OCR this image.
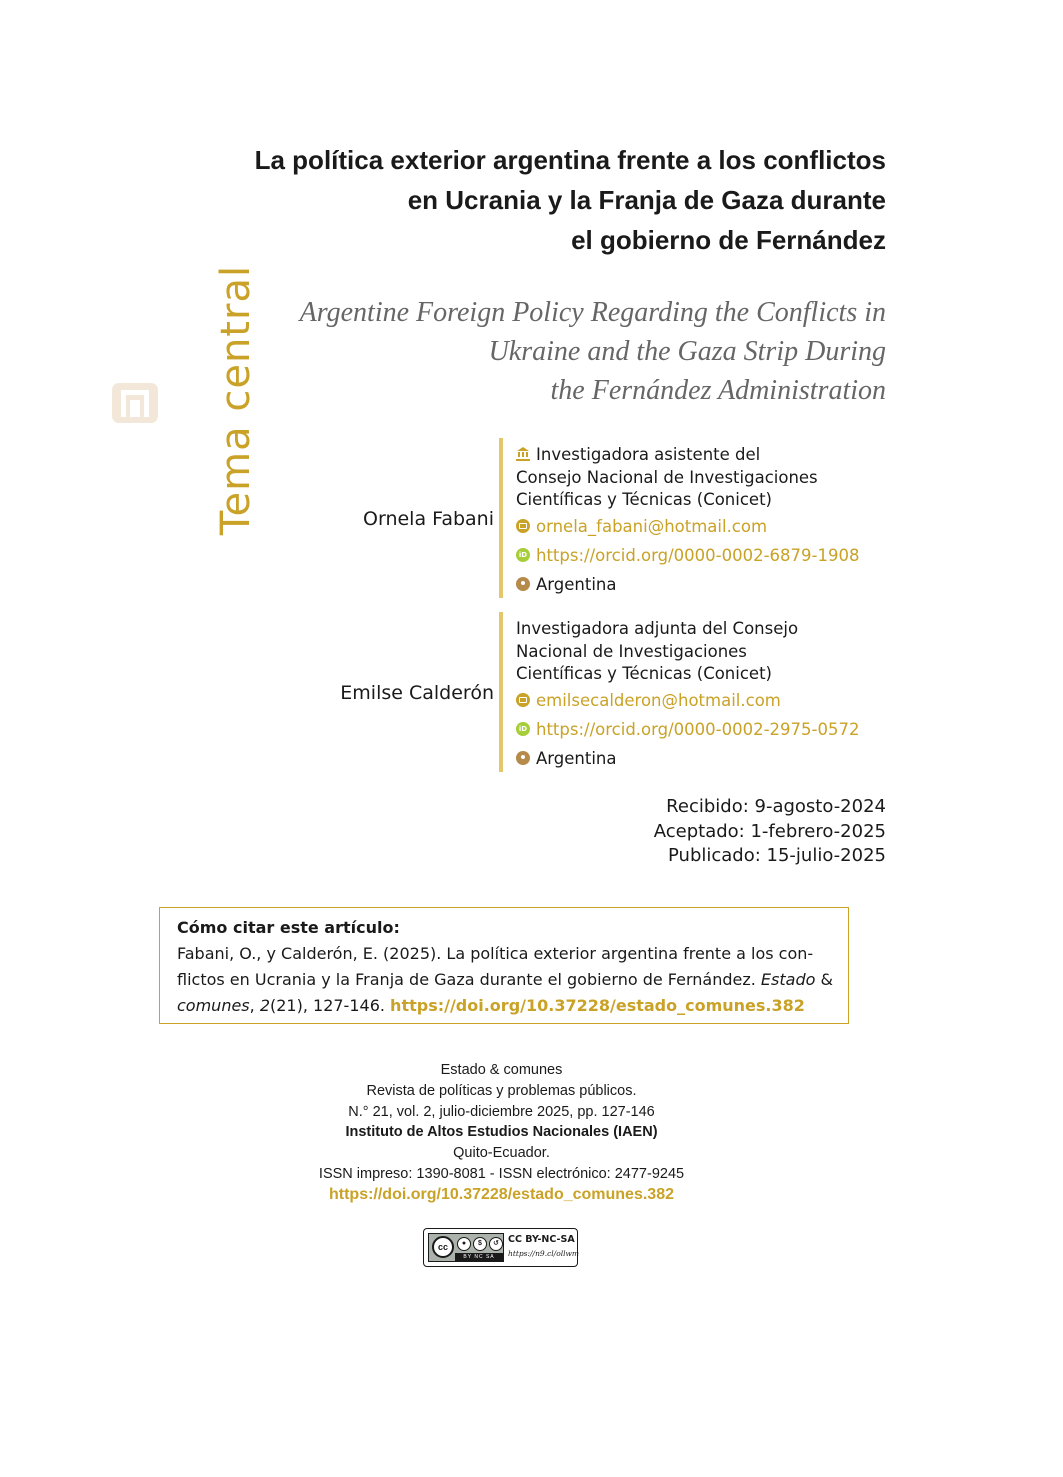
Tema central
La política exterior argentina frente a los conflictos
en Ucrania y la Franja de Gaza durante
el gobierno de Fernández
Argentine Foreign Policy Regarding the Conflicts in
Ukraine and the Gaza Strip During
the Fernández Administration
Ornela Fabani
Investigadora asistente del
Consejo Nacional de Investigaciones
Científicas y Técnicas (Conicet)
ornela_fabani@hotmail.com
iD
https://orcid.org/0000-0002-6879-1908
Argentina
Emilse Calderón
Investigadora adjunta del Consejo
Nacional de Investigaciones
Científicas y Técnicas (Conicet)
emilsecalderon@hotmail.com
iD
https://orcid.org/0000-0002-2975-0572
Argentina
Recibido: 9-agosto-2024
Aceptado: 1-febrero-2025
Publicado: 15-julio-2025
Cómo citar este artículo:
Fabani, O., y Calderón, E. (2025). La política exterior argentina frente a los con-
flictos en Ucrania y la Franja de Gaza durante el gobierno de Fernández. Estado &
comunes, 2(21), 127-146. https://doi.org/10.37228/estado_comunes.382
Estado & comunes
Revista de políticas y problemas públicos.
N.° 21, vol. 2, julio-diciembre 2025, pp. 127-146
Instituto de Altos Estudios Nacionales (IAEN)
Quito-Ecuador.
ISSN impreso: 1390-8081 - ISSN electrónico: 2477-9245
https://doi.org/10.37228/estado_comunes.382
cc	●	$	↺
BY NC SA
CC BY-NC-SA
https://n9.cl/ollwm
